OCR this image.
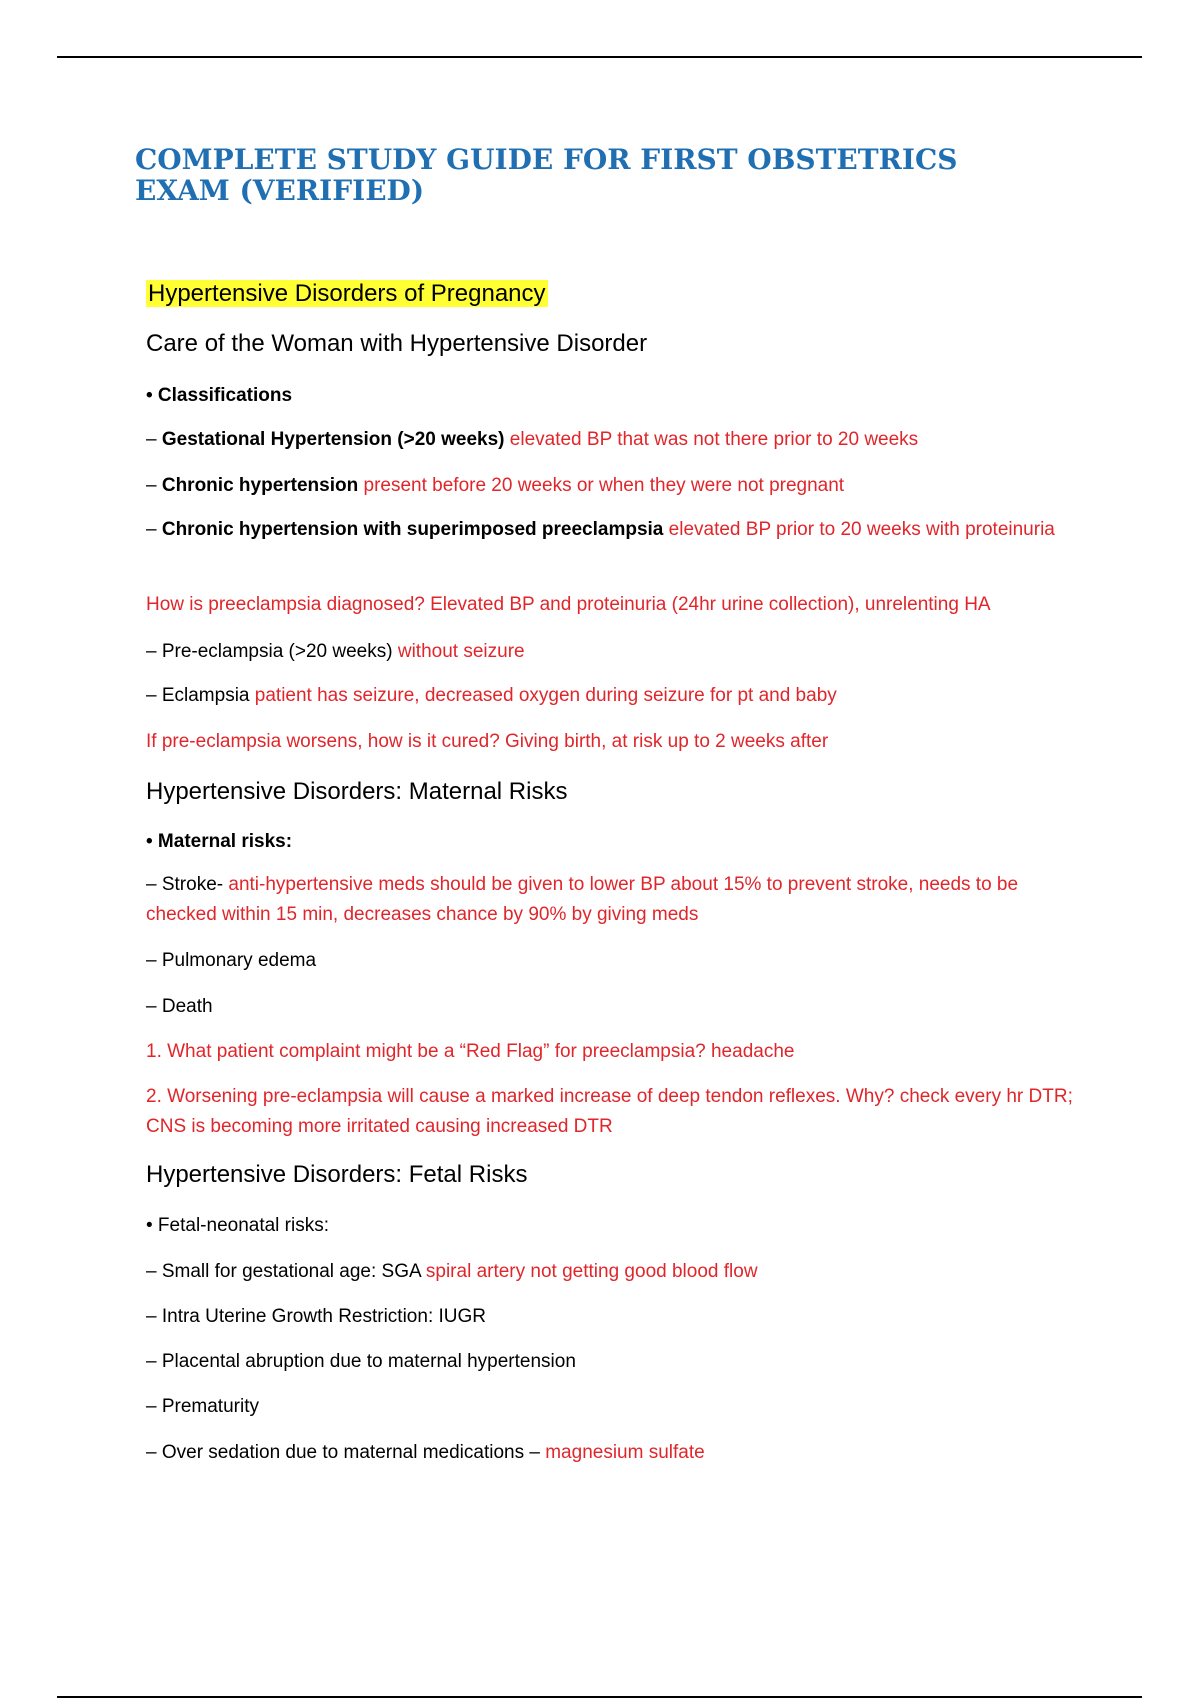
COMPLETE STUDY GUIDE FOR FIRST OBSTETRICS EXAM (VERIFIED)
Hypertensive Disorders of Pregnancy
Care of the Woman with Hypertensive Disorder
• Classifications
– Gestational Hypertension (>20 weeks) elevated BP that was not there prior to 20 weeks
– Chronic hypertension present before 20 weeks or when they were not pregnant
– Chronic hypertension with superimposed preeclampsia elevated BP prior to 20 weeks with proteinuria
How is preeclampsia diagnosed? Elevated BP and proteinuria (24hr urine collection), unrelenting HA
– Pre-eclampsia (>20 weeks) without seizure
– Eclampsia patient has seizure, decreased oxygen during seizure for pt and baby
If pre-eclampsia worsens, how is it cured? Giving birth, at risk up to 2 weeks after
Hypertensive Disorders: Maternal Risks
• Maternal risks:
– Stroke- anti-hypertensive meds should be given to lower BP about 15% to prevent stroke, needs to be checked within 15 min, decreases chance by 90% by giving meds
– Pulmonary edema
– Death
1. What patient complaint might be a “Red Flag” for preeclampsia? headache
2. Worsening pre-eclampsia will cause a marked increase of deep tendon reflexes. Why? check every hr DTR; CNS is becoming more irritated causing increased DTR
Hypertensive Disorders: Fetal Risks
• Fetal-neonatal risks:
– Small for gestational age: SGA spiral artery not getting good blood flow
– Intra Uterine Growth Restriction: IUGR
– Placental abruption due to maternal hypertension
– Prematurity
– Over sedation due to maternal medications – magnesium sulfate
